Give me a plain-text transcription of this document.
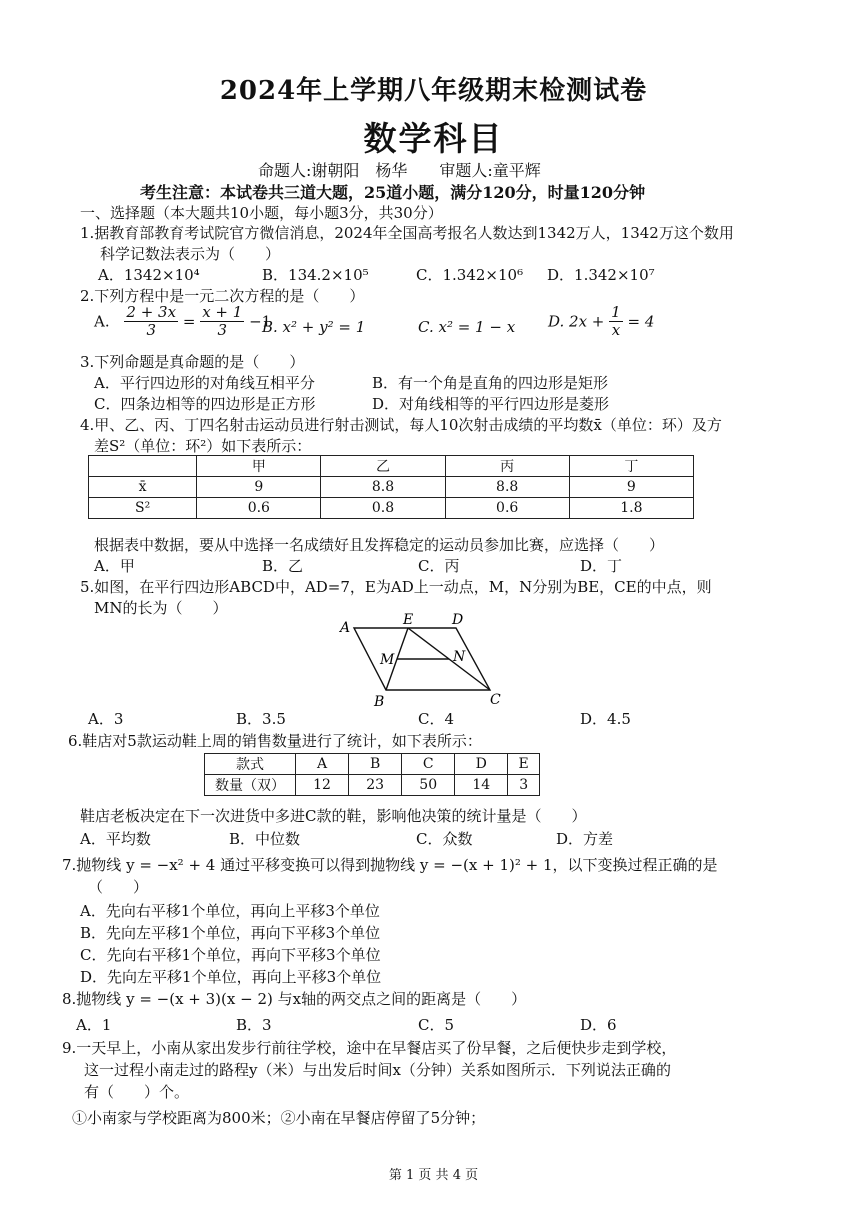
2024年上学期八年级期末检测试卷
数学科目
命题人:谢朝阳　杨华　　审题人:童平辉
考生注意：本试卷共三道大题，25道小题，满分120分，时量120分钟
一、选择题（本大题共10小题，每小题3分，共30分）
1.据教育部教育考试院官方微信消息，2024年全国高考报名人数达到1342万人，1342万这个数用
科学记数法表示为（　　）
A．1342×10⁴	B．134.2×10⁵	C．1.342×10⁶ D．1.342×10⁷
2.下列方程中是一元二次方程的是（　　）
A. $\frac{2 + 3x}{3} = \frac{x + 1}{3} -1$
B. x² + y² = 1	C. x² = 1 − x D. $2x + \frac{1}{x} = 4$
3.下列命题是真命题的是（　　）
A．平行四边形的对角线互相平分	B．有一个角是直角的四边形是矩形
C．四条边相等的四边形是正方形	D．对角线相等的平行四边形是菱形
4.甲、乙、丙、丁四名射击运动员进行射击测试，每人10次射击成绩的平均数x̄（单位：环）及方
差S²（单位：环²）如下表所示：
	甲	乙	丙	丁
x̄	9	8.8	8.8	9
S²	0.6	0.8	0.6	1.8
根据表中数据，要从中选择一名成绩好且发挥稳定的运动员参加比赛，应选择（　　）
A．甲	B．乙	C．丙	D．丁
5.如图，在平行四边形ABCD中，AD=7，E为AD上一动点，M，N分别为BE，CE的中点，则
MN的长为（　　）
A	E	D
M	N
B	C
A．3	B．3.5	C．4	D．4.5
6.鞋店对5款运动鞋上周的销售数量进行了统计，如下表所示：
款式	A	B	C	D	E
数量（双）	12	23	50	14	3
鞋店老板决定在下一次进货中多进C款的鞋，影响他决策的统计量是（　　）
A．平均数	B．中位数	C．众数	D．方差
7.抛物线 y = −x² + 4 通过平移变换可以得到抛物线 y = −(x + 1)² + 1，以下变换过程正确的是
（　　）
A．先向右平移1个单位，再向上平移3个单位
B．先向左平移1个单位，再向下平移3个单位
C．先向右平移1个单位，再向下平移3个单位
D．先向左平移1个单位，再向上平移3个单位
8.抛物线 y = −(x + 3)(x − 2) 与x轴的两交点之间的距离是（　　）
A．1	B．3	C．5	D．6
9.一天早上，小南从家出发步行前往学校，途中在早餐店买了份早餐，之后便快步走到学校，
这一过程小南走过的路程y（米）与出发后时间x（分钟）关系如图所示．下列说法正确的
有（　　）个。
①小南家与学校距离为800米；②小南在早餐店停留了5分钟；
第 1 页 共 4 页
